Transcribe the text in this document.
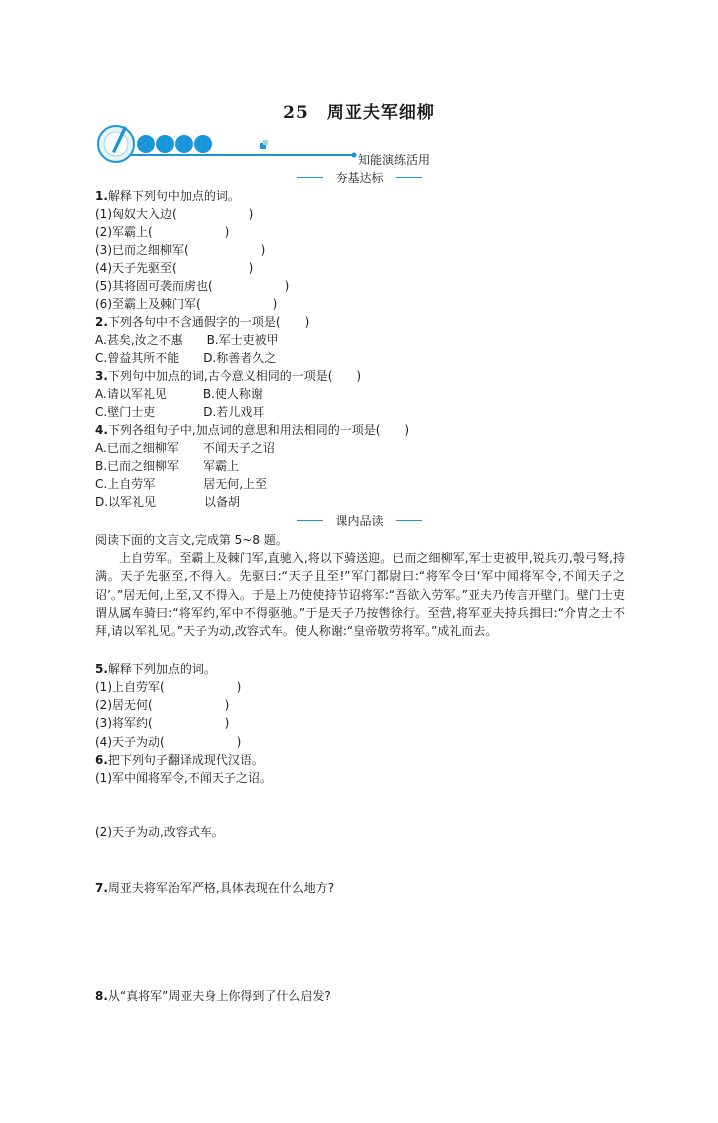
25　周亚夫军细柳
知能演练活用
夯基达标
1.解释下列句中加点的词。
(1)匈奴大入边(　　　　　　)
(2)军霸上(　　　　　　)
(3)已而之细柳军(　　　　　　)
(4)天子先驱至(　　　　　　)
(5)其将固可袭而虏也(　　　　　　)
(6)至霸上及棘门军(　　　　　　)
2.下列各句中不含通假字的一项是(　　)
A.甚矣,汝之不惠　　B.军士吏被甲
C.曾益其所不能　　D.称善者久之
3.下列句中加点的词,古今意义相同的一项是(　　)
A.请以军礼见　　　B.使人称谢
C.壁门士吏　　　　D.若儿戏耳
4.下列各组句子中,加点词的意思和用法相同的一项是(　　)
A.已而之细柳军　　不闻天子之诏
B.已而之细柳军　　军霸上
C.上自劳军　　　　居无何,上至
D.以军礼见　　　　以备胡
课内品读
阅读下面的文言文,完成第 5~8 题。
上自劳军。至霸上及棘门军,直驰入,将以下骑送迎。已而之细柳军,军士吏被甲,锐兵刃,彀弓弩,持满。天子先驱至,不得入。先驱曰:“天子且至!”军门都尉曰:“将军令曰‘军中闻将军令,不闻天子之诏’。”居无何,上至,又不得入。于是上乃使使持节诏将军:“吾欲入劳军。”亚夫乃传言开壁门。壁门士吏谓从属车骑曰:“将军约,军中不得驱驰。”于是天子乃按辔徐行。至营,将军亚夫持兵揖曰:“介胄之士不拜,请以军礼见。”天子为动,改容式车。使人称谢:“皇帝敬劳将军。”成礼而去。
5.解释下列加点的词。
(1)上自劳军(　　　　　　)
(2)居无何(　　　　　　)
(3)将军约(　　　　　　)
(4)天子为动(　　　　　　)
6.把下列句子翻译成现代汉语。
(1)军中闻将军令,不闻天子之诏。
(2)天子为动,改容式车。
7.周亚夫将军治军严格,具体表现在什么地方?
8.从“真将军”周亚夫身上你得到了什么启发?
